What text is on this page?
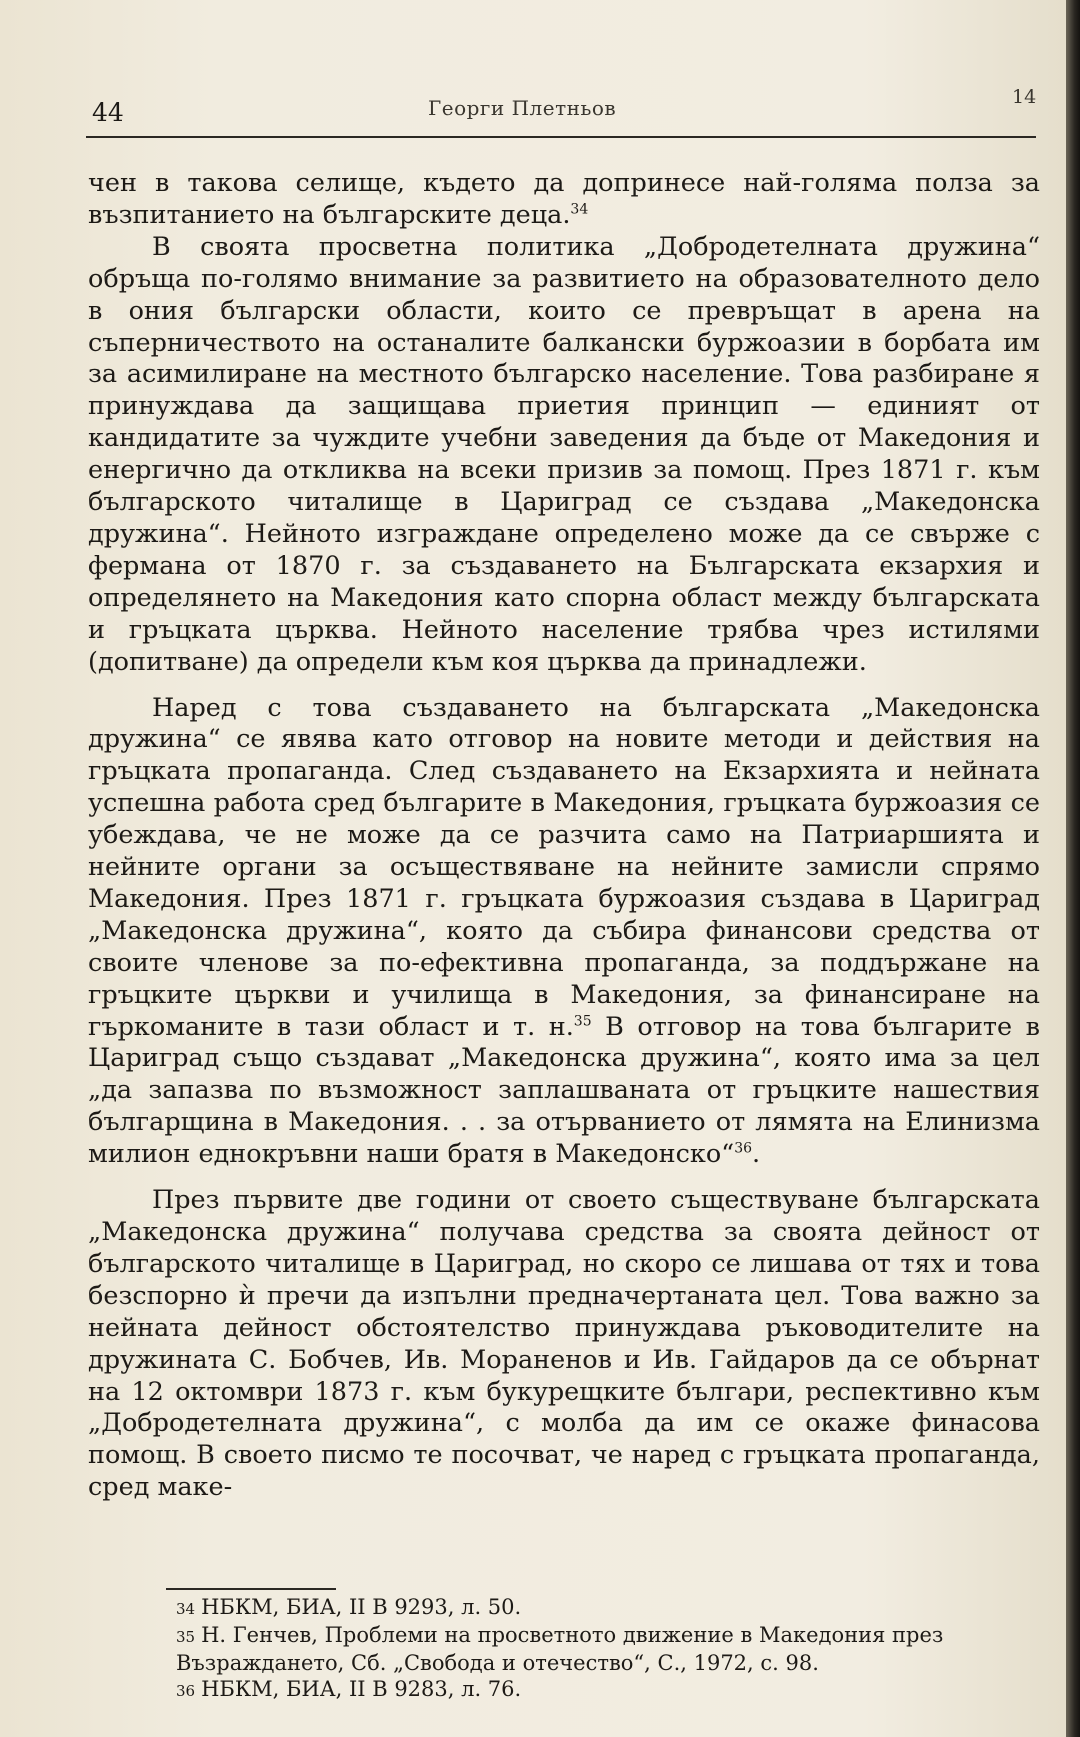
44	Георги Плетньов	14

чен в такова селище, където да допринесе най-голяма полза за възпитанието на българските деца.$^{34}$

В своята просветна политика „Добродетелната дружина“ обръща по-голямо внимание за развитието на образователното дело в ония български области, които се превръщат в арена на съперничеството на останалите балкански буржоазии в борбата им за асимилиране на местното българско население. Това разбиране я принуждава да защищава приетия принцип — единият от кандидатите за чуждите учебни заведения да бъде от Македония и енергично да откликва на всеки призив за помощ. През 1871 г. към българското читалище в Цариград се създава „Македонска дружина“. Нейното изграждане определено може да се свърже с фермана от 1870 г. за създаването на Българската екзархия и определянето на Македония като спорна област между българската и гръцката църква. Нейното население трябва чрез истилями (допитване) да определи към коя църква да принадлежи.

Наред с това създаването на българската „Македонска дружина“ се явява като отговор на новите методи и действия на гръцката пропаганда. След създаването на Екзархията и нейната успешна работа сред българите в Македония, гръцката буржоазия се убеждава, че не може да се разчита само на Патриаршията и нейните органи за осъществяване на нейните замисли спрямо Македония. През 1871 г. гръцката буржоазия създава в Цариград „Македонска дружина“, която да събира финансови средства от своите членове за по-ефективна пропаганда, за поддържане на гръцките църкви и училища в Македония, за финансиране на гъркоманите в тази област и т. н.$^{35}$ В отговор на това българите в Цариград също създават „Македонска дружина“, която има за цел „да запазва по възможност заплашваната от гръцките нашествия българщина в Македония. . . за отърванието от лямята на Елинизма милион еднокръвни наши братя в Македонско“$^{36}$.

През първите две години от своето съществуване българската „Македонска дружина“ получава средства за своята дейност от българското читалище в Цариград, но скоро се лишава от тях и това безспорно ѝ пречи да изпълни предначертаната цел. Това важно за нейната дейност обстоятелство принуждава ръководителите на дружината С. Бобчев, Ив. Мораненов и Ив. Гайдаров да се обърнат на 12 октомври 1873 г. към букурещките българи, респективно към „Добродетелната дружина“, с молба да им се окаже финасова помощ. В своето писмо те посочват, че наред с гръцката пропаганда, сред маке-

34 НБКМ, БИА, II В 9293, л. 50.
35 Н. Генчев, Проблеми на просветното движение в Македония през Възраждането, Сб. „Свобода и отечество“, С., 1972, с. 98.
36 НБКМ, БИА, II В 9283, л. 76.
